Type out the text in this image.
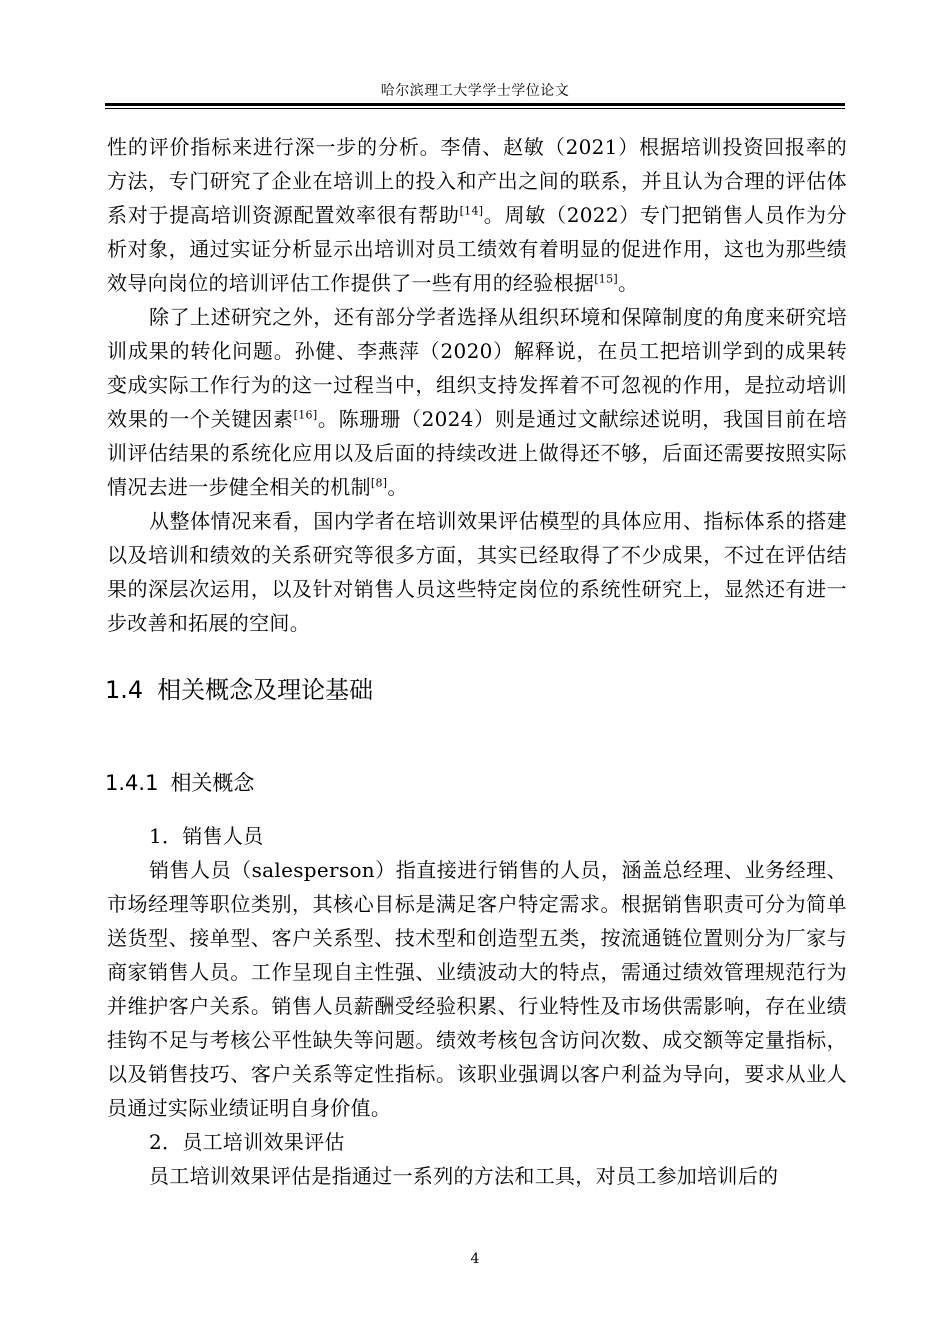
哈尔滨理工大学学士学位论文

性的评价指标来进行深一步的分析。李倩、赵敏（2021）根据培训投资回报率的方法，专门研究了企业在培训上的投入和产出之间的联系，并且认为合理的评估体系对于提高培训资源配置效率很有帮助[14]。周敏（2022）专门把销售人员作为分析对象，通过实证分析显示出培训对员工绩效有着明显的促进作用，这也为那些绩效导向岗位的培训评估工作提供了一些有用的经验根据[15]。

除了上述研究之外，还有部分学者选择从组织环境和保障制度的角度来研究培训成果的转化问题。孙健、李燕萍（2020）解释说，在员工把培训学到的成果转变成实际工作行为的这一过程当中，组织支持发挥着不可忽视的作用，是拉动培训效果的一个关键因素[16]。陈珊珊（2024）则是通过文献综述说明，我国目前在培训评估结果的系统化应用以及后面的持续改进上做得还不够，后面还需要按照实际情况去进一步健全相关的机制[8]。

从整体情况来看，国内学者在培训效果评估模型的具体应用、指标体系的搭建以及培训和绩效的关系研究等很多方面，其实已经取得了不少成果，不过在评估结果的深层次运用，以及针对销售人员这些特定岗位的系统性研究上，显然还有进一步改善和拓展的空间。

1.4 相关概念及理论基础
1.4.1 相关概念

1．销售人员

销售人员（salesperson）指直接进行销售的人员，涵盖总经理、业务经理、市场经理等职位类别，其核心目标是满足客户特定需求。根据销售职责可分为简单送货型、接单型、客户关系型、技术型和创造型五类，按流通链位置则分为厂家与商家销售人员。工作呈现自主性强、业绩波动大的特点，需通过绩效管理规范行为并维护客户关系。销售人员薪酬受经验积累、行业特性及市场供需影响，存在业绩挂钩不足与考核公平性缺失等问题。绩效考核包含访问次数、成交额等定量指标，以及销售技巧、客户关系等定性指标。该职业强调以客户利益为导向，要求从业人员通过实际业绩证明自身价值。

2．员工培训效果评估

员工培训效果评估是指通过一系列的方法和工具，对员工参加培训后的

4
